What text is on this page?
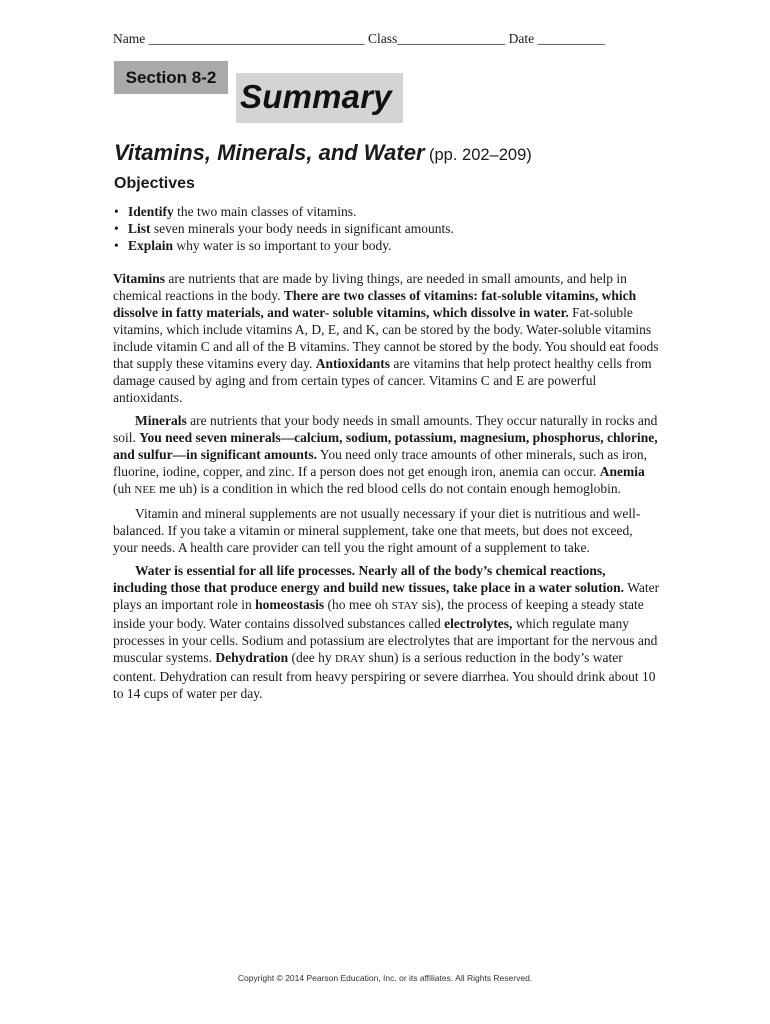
Name ________________________________ Class________________ Date __________
Section 8-2
Summary
Vitamins, Minerals, and Water (pp. 202–209)
Objectives
• Identify the two main classes of vitamins.
• List seven minerals your body needs in significant amounts.
• Explain why water is so important to your body.

Vitamins are nutrients that are made by living things, are needed in small amounts, and help in chemical reactions in the body. There are two classes of vitamins: fat-soluble vitamins, which dissolve in fatty materials, and water- soluble vitamins, which dissolve in water. Fat-soluble vitamins, which include vitamins A, D, E, and K, can be stored by the body. Water-soluble vitamins include vitamin C and all of the B vitamins. They cannot be stored by the body. You should eat foods that supply these vitamins every day. Antioxidants are vitamins that help protect healthy cells from damage caused by aging and from certain types of cancer. Vitamins C and E are powerful antioxidants.

Minerals are nutrients that your body needs in small amounts. They occur naturally in rocks and soil. You need seven minerals—calcium, sodium, potassium, magnesium, phosphorus, chlorine, and sulfur—in significant amounts. You need only trace amounts of other minerals, such as iron, fluorine, iodine, copper, and zinc. If a person does not get enough iron, anemia can occur. Anemia (uh NEE me uh) is a condition in which the red blood cells do not contain enough hemoglobin.

Vitamin and mineral supplements are not usually necessary if your diet is nutritious and well-balanced. If you take a vitamin or mineral supplement, take one that meets, but does not exceed, your needs. A health care provider can tell you the right amount of a supplement to take.

Water is essential for all life processes. Nearly all of the body’s chemical reactions, including those that produce energy and build new tissues, take place in a water solution. Water plays an important role in homeostasis (ho mee oh STAY sis), the process of keeping a steady state inside your body. Water contains dissolved substances called electrolytes, which regulate many processes in your cells. Sodium and potassium are electrolytes that are important for the nervous and muscular systems. Dehydration (dee hy DRAY shun) is a serious reduction in the body’s water content. Dehydration can result from heavy perspiring or severe diarrhea. You should drink about 10 to 14 cups of water per day.

Copyright © 2014 Pearson Education, Inc. or its affiliates. All Rights Reserved.
